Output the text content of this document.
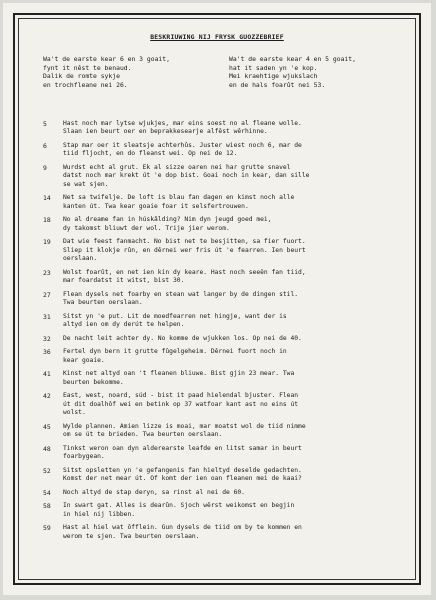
BESKRIUWING NIJ FRYSK GUOZZEBRIEF
Wa't de earste kear 6 en 3 goait,
fynt it nêst te benaud.
Dalik de romte sykje
en trochfleane nei 26.
Wa't de earste kear 4 en 5 goait,
hat it saden yn 'e kop.
Mei kraehtige wjukslach
en de hals foarût nei 53.
5	Hast noch mar lytse wjukjes, mar eins soest no al fleane wolle.
Slaan ien beurt oer en beprakkesearje alfêst wêrhinne.
6	Stap mar oer it sleatsje achterhûs. Juster wiest noch 6, mar de
tiid fljocht, en do fleanst wei. Op nei de 12.
9	Wurdst echt al grut. Ek al sizze oaren nei har grutte snavel
datst noch mar krekt út 'e dop bist. Goai noch in kear, dan sille
se wat sjen.
14	Net sa twifelje. De loft is blau fan dagen en kimst noch alle
kanten út. Twa kear goaie foar it selsfertrouwen.
18	No al dreame fan in húskâlding? Nim dyn jeugd goed mei,
dy takomst bliuwt der wol. Trije jier werom.
19	Dat wie feest fanmacht. No bist net te besjitten, sa fier fuort.
Sliep it klokje rûn, en dêrnei wer fris út 'e fearren. Ien beurt
oerslaan.
23	Wolst foarût, en net ien kin dy keare. Hast noch seeën fan tiid,
mar foardatst it witst, bist 30.
27	Flean dysels net foarby en stean wat langer by de dingen stil.
Twa beurten oerslaan.
31	Sitst yn 'e put. Lit de moedfearren net hingje, want der is
altyd ien om dy derút te helpen.
32	De nacht leit achter dy. No komme de wjukken los. Op nei de 40.
36	Fertel dyn bern it grutte fûgelgeheim. Dêrnei fuort noch in
kear goaie.
41	Kinst net altyd oan 't fleanen bliuwe. Bist gjin 23 mear. Twa
beurten bekomme.
42	East, west, noard, súd - bist it paad hielendal bjuster. Flean
út dit doalhôf wei en betink op 37 watfoar kant ast no eins út
wolst.
45	Wylde plannen. Amien lizze is moai, mar moatst wol de tiid nimme
om se út te brieden. Twa beurten oerslaan.
48	Tinkst weron oan dyn alderearste leafde en litst samar in beurt
foarbygean.
52	Sitst opsletten yn 'e gefangenis fan hieltyd deselde gedachten.
Komst der net mear út. Of komt der ien oan fleanen mei de kaai?
54	Noch altyd de stap deryn, sa rinst al nei de 60.
58	In swart gat. Alles is dearûn. Sjoch wêrst weikomst en begjin
in hiel nij libben.
59	Hast al hiel wat ôfflein. Gun dysels de tiid om by te kommen en
werom te sjen. Twa beurten oerslaan.
